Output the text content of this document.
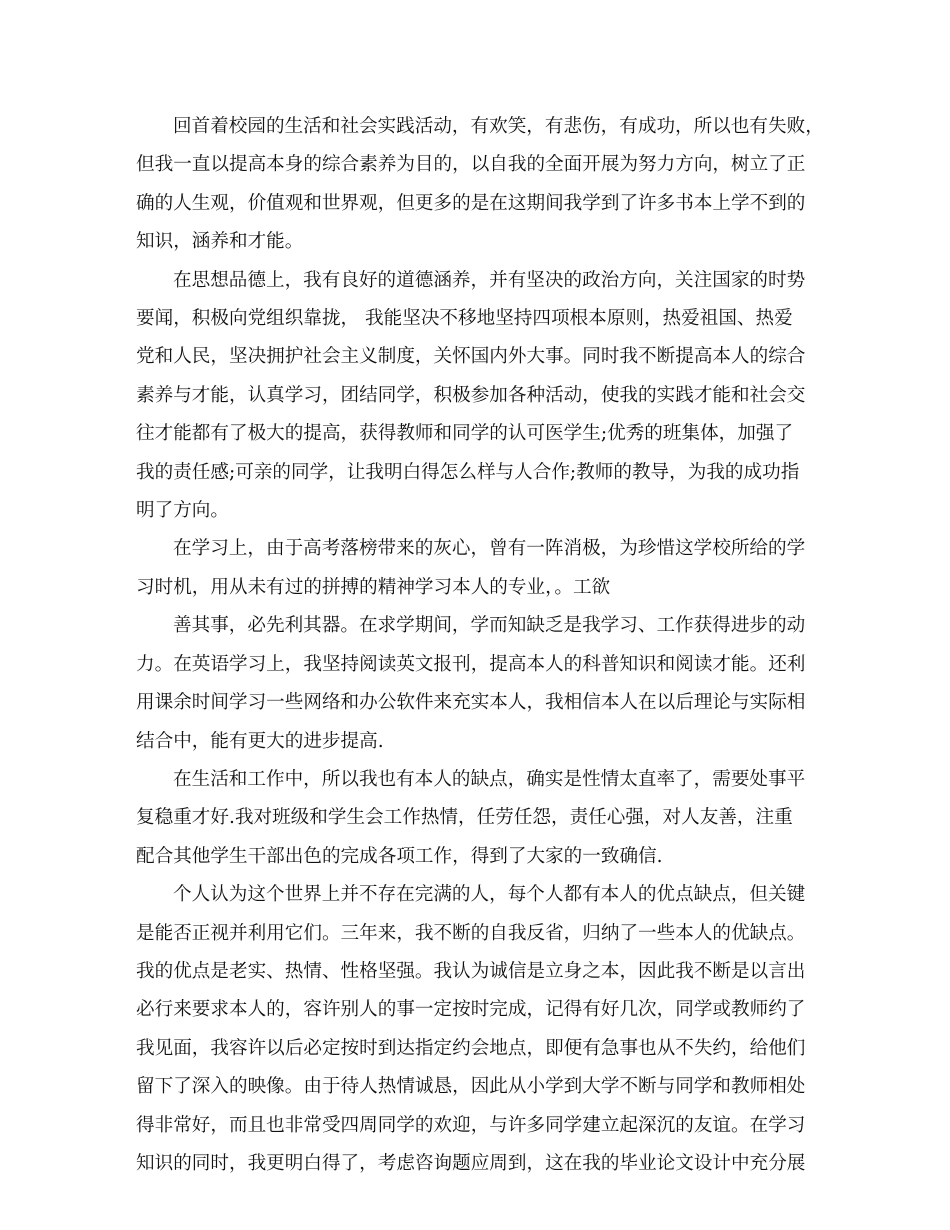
回首着校园的生活和社会实践活动，有欢笑，有悲伤，有成功，所以也有失败，
但我一直以提高本身的综合素养为目的，以自我的全面开展为努力方向，树立了正
确的人生观，价值观和世界观，但更多的是在这期间我学到了许多书本上学不到的
知识，涵养和才能。

在思想品德上，我有良好的道德涵养，并有坚决的政治方向，关注国家的时势
要闻，积极向党组织靠拢， 我能坚决不移地坚持四项根本原则，热爱祖国、热爱
党和人民，坚决拥护社会主义制度，关怀国内外大事。同时我不断提高本人的综合
素养与才能，认真学习，团结同学，积极参加各种活动，使我的实践才能和社会交
往才能都有了极大的提高，获得教师和同学的认可医学生;优秀的班集体，加强了
我的责任感;可亲的同学，让我明白得怎么样与人合作;教师的教导，为我的成功指
明了方向。

在学习上，由于高考落榜带来的灰心，曾有一阵消极，为珍惜这学校所给的学
习时机，用从未有过的拼搏的精神学习本人的专业，。工欲

善其事，必先利其器。在求学期间，学而知缺乏是我学习、工作获得进步的动
力。在英语学习上，我坚持阅读英文报刊，提高本人的科普知识和阅读才能。还利
用课余时间学习一些网络和办公软件来充实本人，我相信本人在以后理论与实际相
结合中，能有更大的进步提高.

在生活和工作中，所以我也有本人的缺点，确实是性情太直率了，需要处事平
复稳重才好.我对班级和学生会工作热情，任劳任怨，责任心强，对人友善，注重
配合其他学生干部出色的完成各项工作，得到了大家的一致确信.

个人认为这个世界上并不存在完满的人，每个人都有本人的优点缺点，但关键
是能否正视并利用它们。三年来，我不断的自我反省，归纳了一些本人的优缺点。
我的优点是老实、热情、性格坚强。我认为诚信是立身之本，因此我不断是以言出
必行来要求本人的，容许别人的事一定按时完成，记得有好几次，同学或教师约了
我见面，我容许以后必定按时到达指定约会地点，即便有急事也从不失约，给他们
留下了深入的映像。由于待人热情诚恳，因此从小学到大学不断与同学和教师相处
得非常好，而且也非常受四周同学的欢迎，与许多同学建立起深沉的友谊。在学习
知识的同时，我更明白得了，考虑咨询题应周到，这在我的毕业论文设计中充分展
